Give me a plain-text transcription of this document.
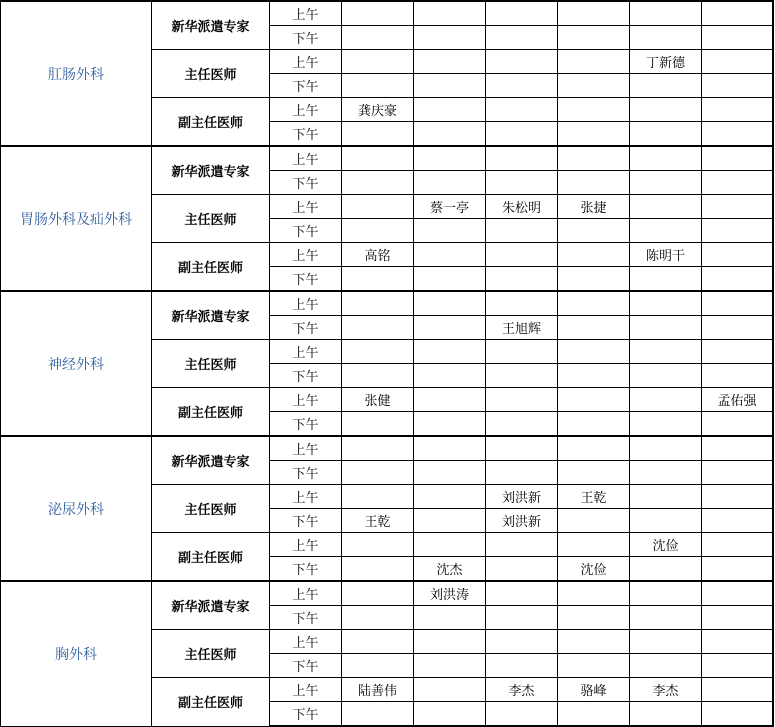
肛肠外科	新华派遣专家	上午							
		下午							
	主任医师	上午					丁新德		
		下午							
	副主任医师	上午	龚庆豪						
		下午							
胃肠外科及疝外科	新华派遣专家	上午							
		下午							
	主任医师	上午		蔡一亭	朱松明	张捷			
		下午							
	副主任医师	上午	高铭				陈明干		
		下午							
神经外科	新华派遣专家	上午							
		下午			王旭辉				
	主任医师	上午							
		下午							
	副主任医师	上午	张健					孟佑强	
		下午							
泌尿外科	新华派遣专家	上午							
		下午							
	主任医师	上午			刘洪新	王乾			
		下午	王乾		刘洪新				
	副主任医师	上午					沈俭		
		下午		沈杰		沈俭			
胸外科	新华派遣专家	上午		刘洪涛					
		下午							
	主任医师	上午							
		下午							
	副主任医师	上午	陆善伟		李杰	骆峰	李杰		
		下午							
